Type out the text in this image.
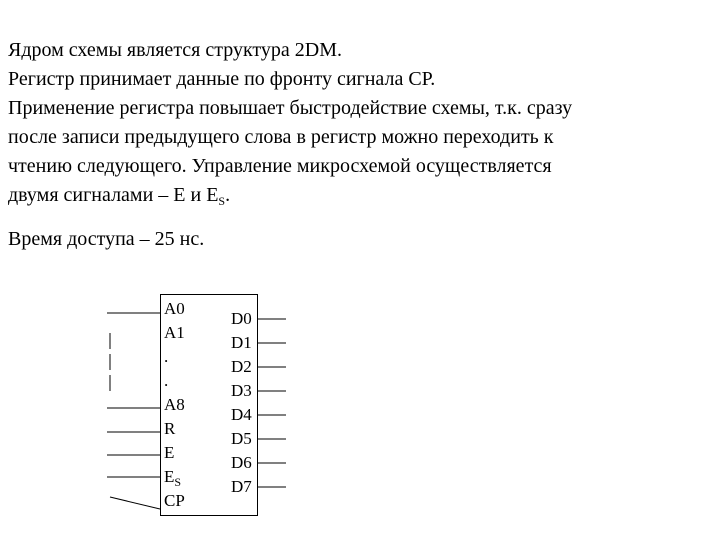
Ядром схемы является структура 2DM.
Регистр принимает данные по фронту сигнала СР.
Применение регистра повышает быстродействие схемы, т.к. сразу
после записи предыдущего слова в регистр можно переходить к
чтению следующего. Управление микросхемой осуществляется
двумя сигналами – Е и $Е_S$.
Время доступа – 25 нс.
A0
A1
.
.
A8
R
E
$E_S$
CP
D0
D1
D2
D3
D4
D5
D6
D7
